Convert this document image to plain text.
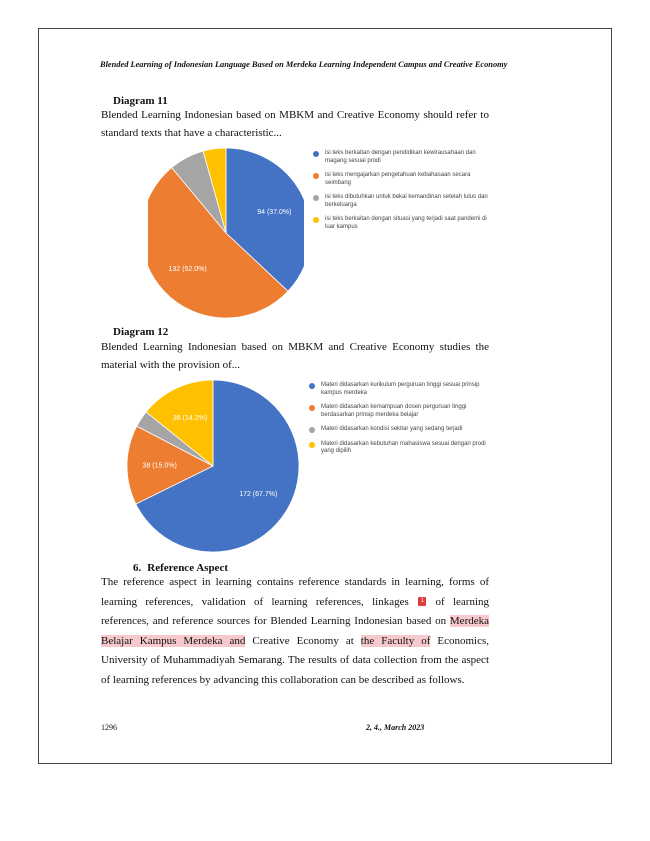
Blended Learning of Indonesian Language Based on Merdeka Learning Independent Campus and Creative Economy
Diagram 11
Blended Learning Indonesian based on MBKM and Creative Economy should refer to standard texts that have a characteristic...
94 (37.0%)
132 (52.0%)
isi teks berkaitan dengan pendidikan kewirausahaan dan magang sesuai prodi
isi teks mengajarkan pengetahuan kebahasaan secara seimbang
isi teks dibutuhkan untuk bekal kemandirian setelah lulus dan berkeluarga
isi teks berkaitan dengan situasi yang terjadi saat pandemi di luar kampus
Diagram 12
Blended Learning Indonesian based on MBKM and Creative Economy studies the material with the provision of...
172 (67.7%)
38 (15.0%)
36 (14.2%)
Materi didasarkan kurikulum perguruan tinggi sesuai prinsip kampus merdeka
Materi didasarkan kemampuan dosen perguruan tinggi berdasarkan prinsip merdeka belajar
Materi didasarkan kondisi sekitar yang sedang terjadi
Materi didasarkan kebutuhan mahasiswa sesuai dengan prodi yang dipilih
6. Reference Aspect
The reference aspect in learning contains reference standards in learning, forms of learning references, validation of learning references, linkages 1 of learning references, and reference sources for Blended Learning Indonesian based on Merdeka Belajar Kampus Merdeka and Creative Economy at the Faculty of Economics, University of Muhammadiyah Semarang. The results of data collection from the aspect of learning references by advancing this collaboration can be described as follows.
1296	2, 4., March 2023
